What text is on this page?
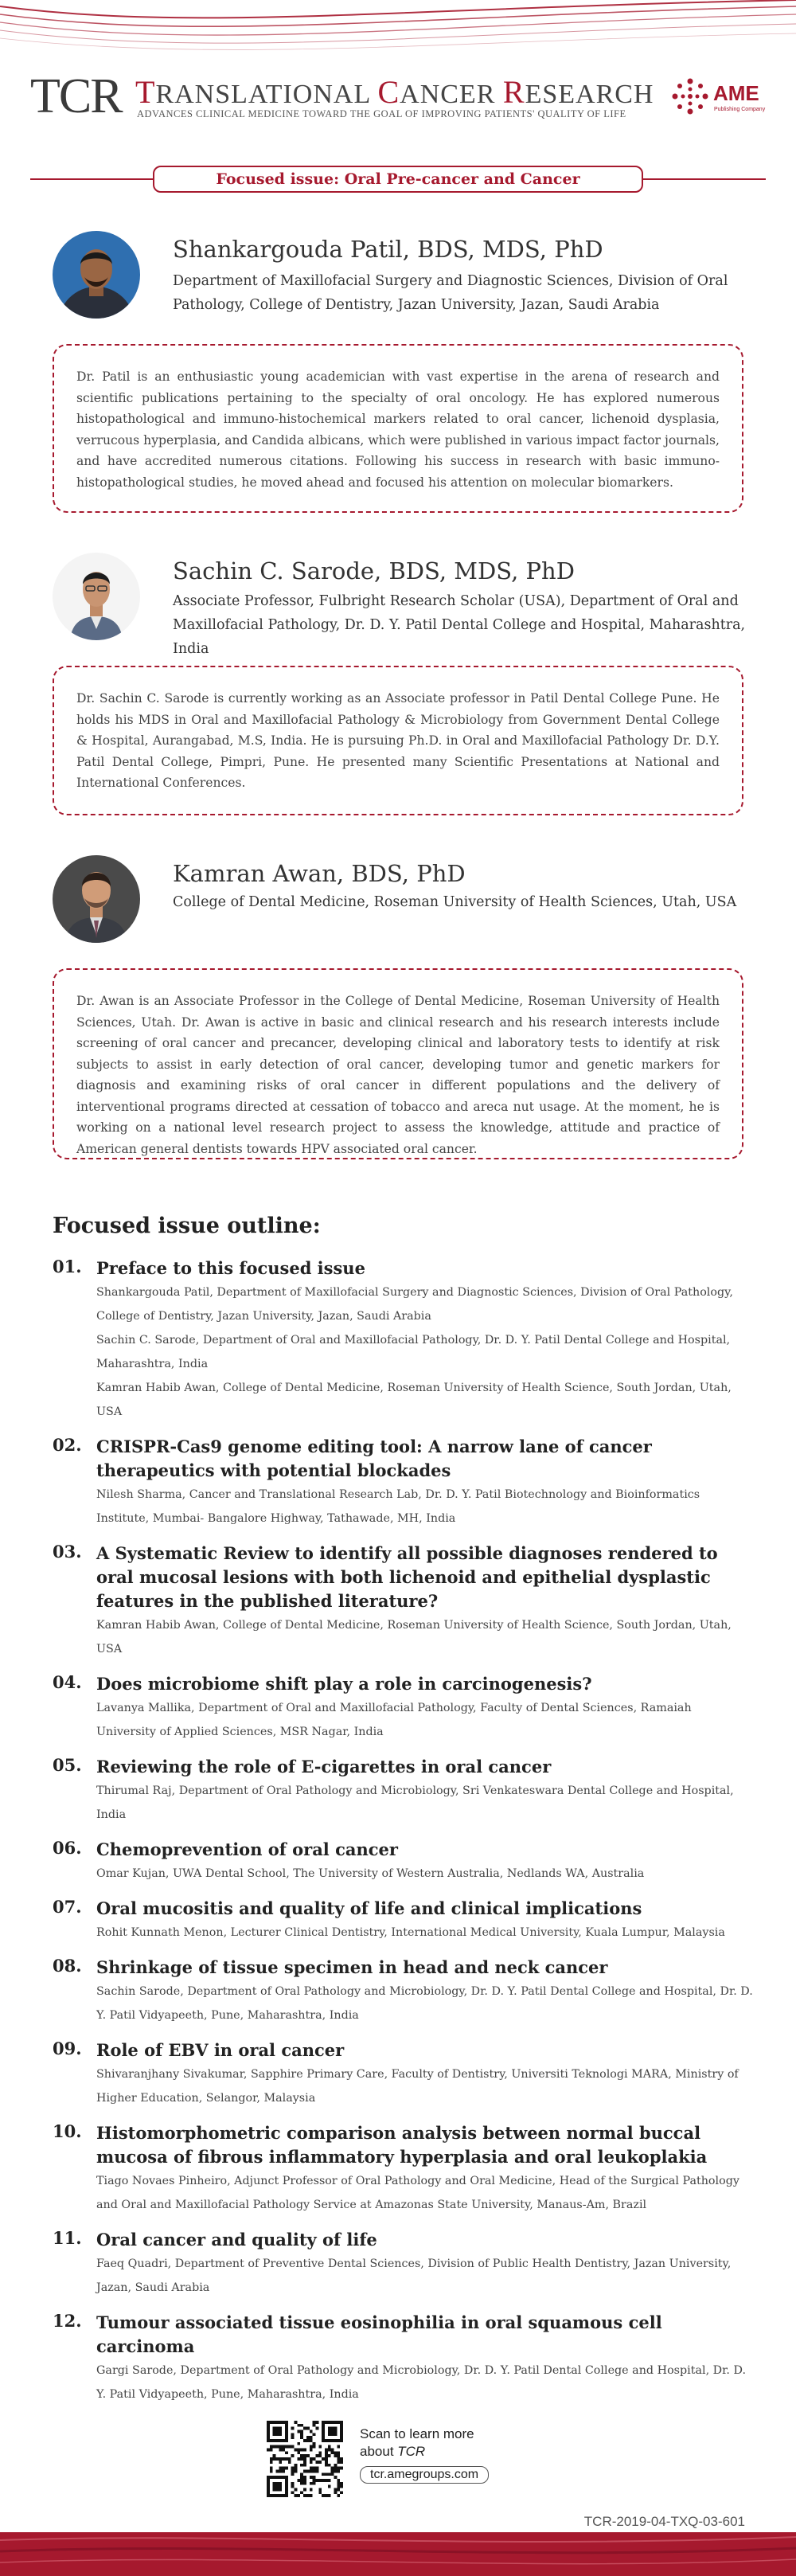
TCR TRANSLATIONAL CANCER RESEARCH
ADVANCES CLINICAL MEDICINE TOWARD THE GOAL OF IMPROVING PATIENTS' QUALITY OF LIFE
AME
Publishing Company
Focused issue: Oral Pre-cancer and Cancer
Shankargouda Patil, BDS, MDS, PhD
Department of Maxillofacial Surgery and Diagnostic Sciences, Division of Oral Pathology, College of Dentistry, Jazan University, Jazan, Saudi Arabia
Dr. Patil is an enthusiastic young academician with vast expertise in the arena of research and scientific publications pertaining to the specialty of oral oncology. He has explored numerous histopathological and immuno-histochemical markers related to oral cancer, lichenoid dysplasia, verrucous hyperplasia, and Candida albicans, which were published in various impact factor journals, and have accredited numerous citations. Following his success in research with basic immuno-histopathological studies, he moved ahead and focused his attention on molecular biomarkers.
Sachin C. Sarode, BDS, MDS, PhD
Associate Professor, Fulbright Research Scholar (USA), Department of Oral and Maxillofacial Pathology, Dr. D. Y. Patil Dental College and Hospital, Maharashtra, India
Dr. Sachin C. Sarode is currently working as an Associate professor in Patil Dental College Pune. He holds his MDS in Oral and Maxillofacial Pathology & Microbiology from Government Dental College & Hospital, Aurangabad, M.S, India. He is pursuing Ph.D. in Oral and Maxillofacial Pathology Dr. D.Y. Patil Dental College, Pimpri, Pune. He presented many Scientific Presentations at National and International Conferences.
Kamran Awan, BDS, PhD
College of Dental Medicine, Roseman University of Health Sciences, Utah, USA
Dr. Awan is an Associate Professor in the College of Dental Medicine, Roseman University of Health Sciences, Utah. Dr. Awan is active in basic and clinical research and his research interests include screening of oral cancer and precancer, developing clinical and laboratory tests to identify at risk subjects to assist in early detection of oral cancer, developing tumor and genetic markers for diagnosis and examining risks of oral cancer in different populations and the delivery of interventional programs directed at cessation of tobacco and areca nut usage. At the moment, he is working on a national level research project to assess the knowledge, attitude and practice of American general dentists towards HPV associated oral cancer.
Focused issue outline:
01. Preface to this focused issue
Shankargouda Patil, Department of Maxillofacial Surgery and Diagnostic Sciences, Division of Oral Pathology, College of Dentistry, Jazan University, Jazan, Saudi Arabia
Sachin C. Sarode, Department of Oral and Maxillofacial Pathology, Dr. D. Y. Patil Dental College and Hospital, Maharashtra, India
Kamran Habib Awan, College of Dental Medicine, Roseman University of Health Science, South Jordan, Utah, USA
02. CRISPR-Cas9 genome editing tool: A narrow lane of cancer therapeutics with potential blockades
Nilesh Sharma, Cancer and Translational Research Lab, Dr. D. Y. Patil Biotechnology and Bioinformatics Institute, Mumbai- Bangalore Highway, Tathawade, MH, India
03. A Systematic Review to identify all possible diagnoses rendered to oral mucosal lesions with both lichenoid and epithelial dysplastic features in the published literature?
Kamran Habib Awan, College of Dental Medicine, Roseman University of Health Science, South Jordan, Utah, USA
04. Does microbiome shift play a role in carcinogenesis?
Lavanya Mallika, Department of Oral and Maxillofacial Pathology, Faculty of Dental Sciences, Ramaiah University of Applied Sciences, MSR Nagar, India
05. Reviewing the role of E-cigarettes in oral cancer
Thirumal Raj, Department of Oral Pathology and Microbiology, Sri Venkateswara Dental College and Hospital, India
06. Chemoprevention of oral cancer
Omar Kujan, UWA Dental School, The University of Western Australia, Nedlands WA, Australia
07. Oral mucositis and quality of life and clinical implications
Rohit Kunnath Menon, Lecturer Clinical Dentistry, International Medical University, Kuala Lumpur, Malaysia
08. Shrinkage of tissue specimen in head and neck cancer
Sachin Sarode, Department of Oral Pathology and Microbiology, Dr. D. Y. Patil Dental College and Hospital, Dr. D. Y. Patil Vidyapeeth, Pune, Maharashtra, India
09. Role of EBV in oral cancer
Shivaranjhany Sivakumar, Sapphire Primary Care, Faculty of Dentistry, Universiti Teknologi MARA, Ministry of Higher Education, Selangor, Malaysia
10. Histomorphometric comparison analysis between normal buccal mucosa of fibrous inflammatory hyperplasia and oral leukoplakia
Tiago Novaes Pinheiro, Adjunct Professor of Oral Pathology and Oral Medicine, Head of the Surgical Pathology and Oral and Maxillofacial Pathology Service at Amazonas State University, Manaus-Am, Brazil
11. Oral cancer and quality of life
Faeq Quadri, Department of Preventive Dental Sciences, Division of Public Health Dentistry, Jazan University, Jazan, Saudi Arabia
12. Tumour associated tissue eosinophilia in oral squamous cell carcinoma
Gargi Sarode, Department of Oral Pathology and Microbiology, Dr. D. Y. Patil Dental College and Hospital, Dr. D. Y. Patil Vidyapeeth, Pune, Maharashtra, India
Scan to learn more
about TCR
tcr.amegroups.com
TCR-2019-04-TXQ-03-601
